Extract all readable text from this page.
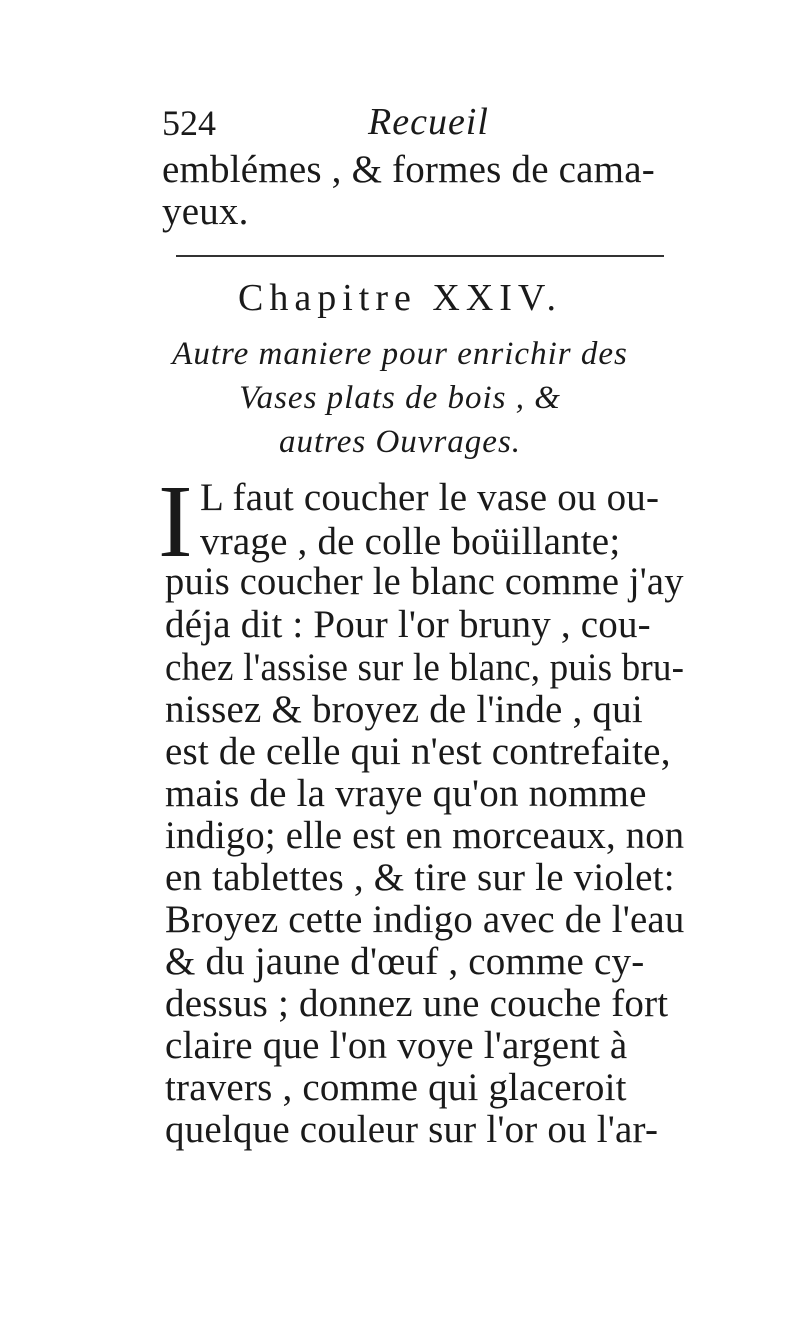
524	Recueil
emblémes , & formes de cama-
yeux.
Chapitre XXIV.
Autre maniere pour enrichir des
Vases plats de bois , &
autres Ouvrages.
I L faut coucher le vase ou ou-
vrage , de colle boüillante;
puis coucher le blanc comme j'ay
déja dit : Pour l'or bruny , cou-
chez l'assise sur le blanc, puis bru-
nissez & broyez de l'inde , qui
est de celle qui n'est contrefaite,
mais de la vraye qu'on nomme
indigo; elle est en morceaux, non
en tablettes , & tire sur le violet:
Broyez cette indigo avec de l'eau
& du jaune d'œuf , comme cy-
dessus ; donnez une couche fort
claire que l'on voye l'argent à
travers , comme qui glaceroit
quelque couleur sur l'or ou l'ar-
